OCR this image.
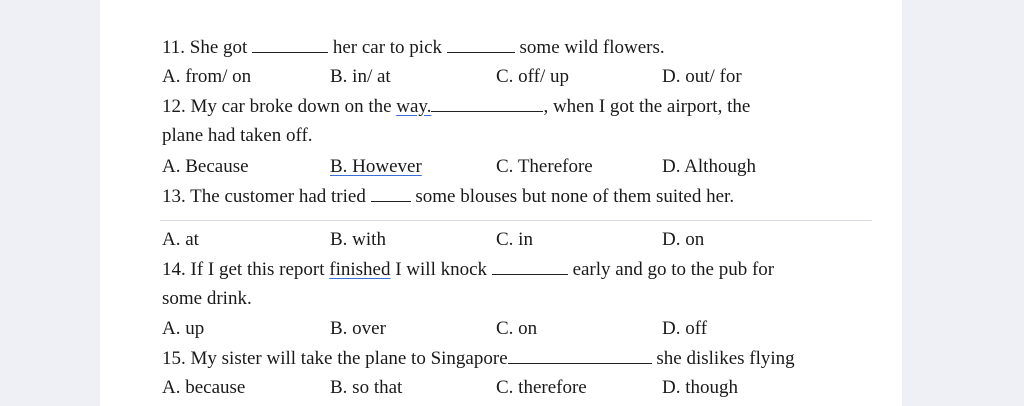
11. She got	her car to pick	some wild flowers.
A. from/ on	B. in/ at	C. off/ up	D. out/ for
12. My car broke down on the way.	, when I got the airport, the
plane had taken off.
A. Because	B. However	C. Therefore	D. Although
13. The customer had tried  some blouses but none of them suited her.
A. at	B. with	C. in	D. on
14. If I get this report finished I will knock	early and go to the pub for
some drink.
A. up	B. over	C. on	D. off
15. My sister will take the plane to Singapore	she dislikes flying
A. because	B. so that	C. therefore	D. though
